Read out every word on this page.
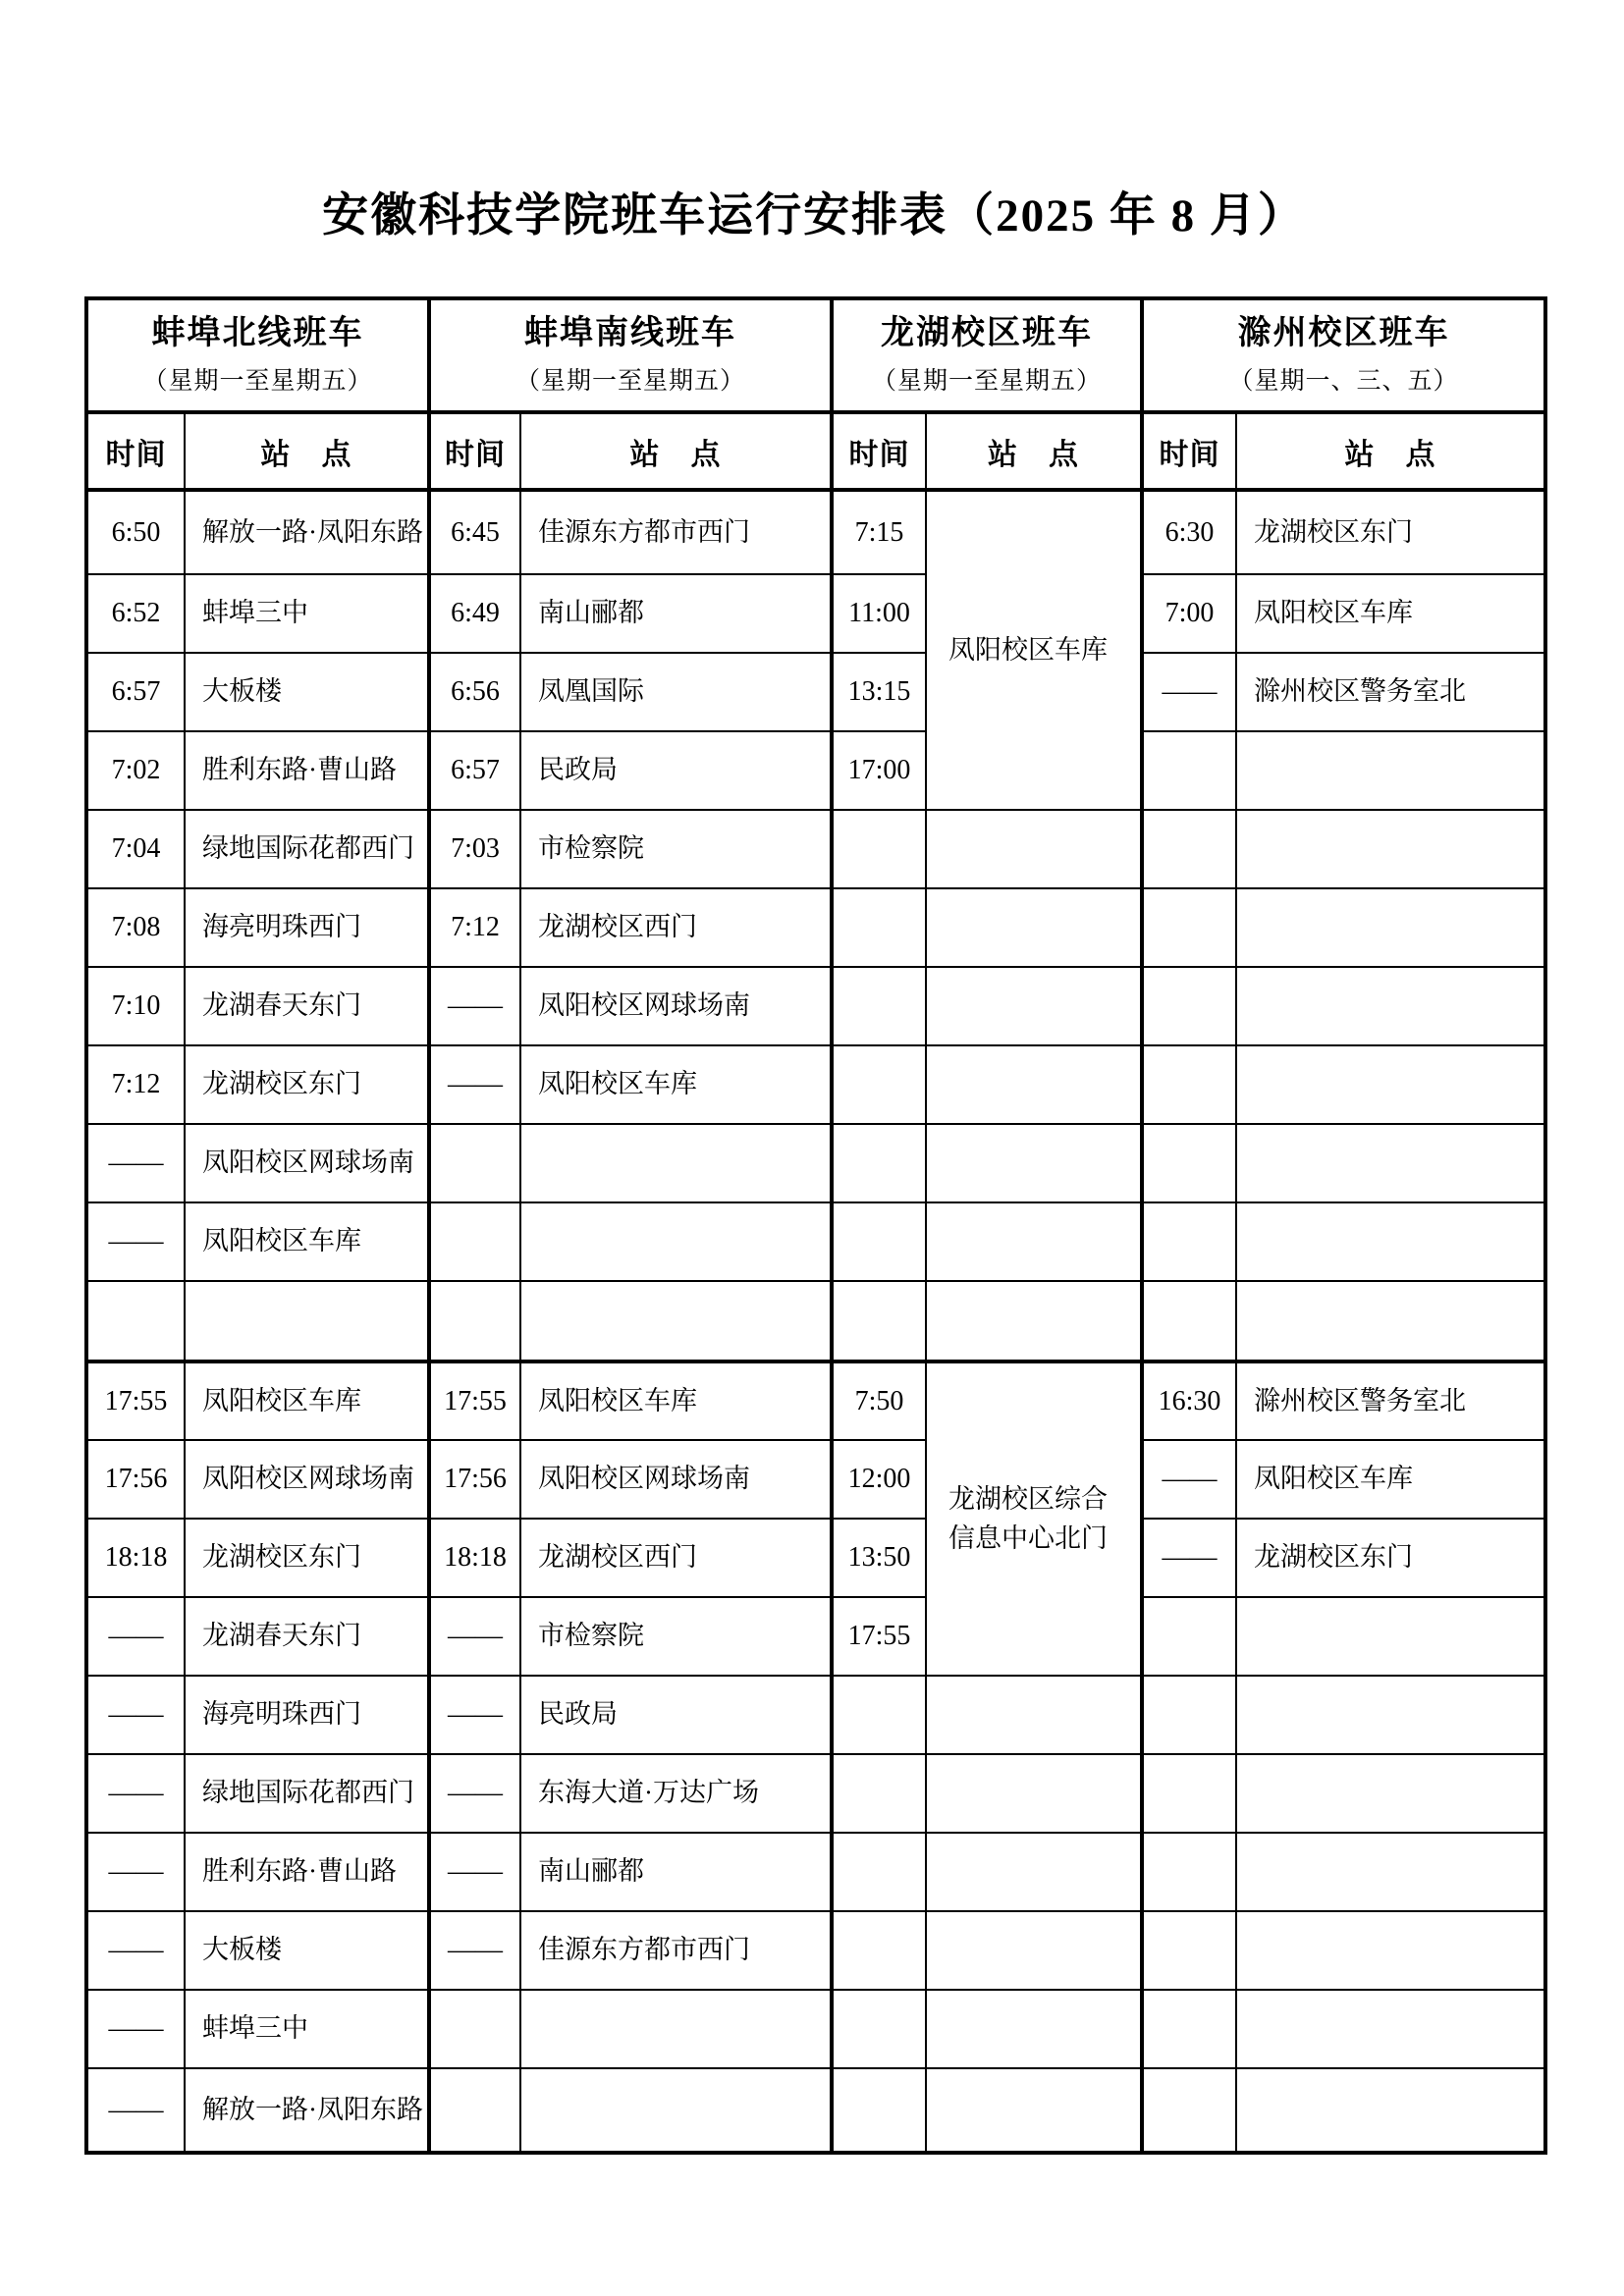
安徽科技学院班车运行安排表（2025 年 8 月）
蚌埠北线班车
（星期一至星期五）

蚌埠南线班车
（星期一至星期五）

龙湖校区班车
（星期一至星期五）

滁州校区班车
（星期一、三、五）

时间	站　点	时间	站　点	时间	站　点	时间	站　点
6:50	解放一路·凤阳东路	6:45	佳源东方都市西门	7:15	凤阳校区车库	6:30	龙湖校区东门
6:52	蚌埠三中	6:49	南山郦都	11:00		7:00	凤阳校区车库
6:57	大板楼	6:56	凤凰国际	13:15		——	滁州校区警务室北
7:02	胜利东路·曹山路	6:57	民政局	17:00			
7:04	绿地国际花都西门	7:03	市检察院				
7:08	海亮明珠西门	7:12	龙湖校区西门				
7:10	龙湖春天东门	——	凤阳校区网球场南				
7:12	龙湖校区东门	——	凤阳校区车库				
——	凤阳校区网球场南						
——	凤阳校区车库						

17:55	凤阳校区车库	17:55	凤阳校区车库	7:50	龙湖校区综合信息中心北门	16:30	滁州校区警务室北
17:56	凤阳校区网球场南	17:56	凤阳校区网球场南	12:00		——	凤阳校区车库
18:18	龙湖校区东门	18:18	龙湖校区西门	13:50		——	龙湖校区东门
——	龙湖春天东门	——	市检察院	17:55			
——	海亮明珠西门	——	民政局				
——	绿地国际花都西门	——	东海大道·万达广场				
——	胜利东路·曹山路	——	南山郦都				
——	大板楼	——	佳源东方都市西门				
——	蚌埠三中						
——	解放一路·凤阳东路						
